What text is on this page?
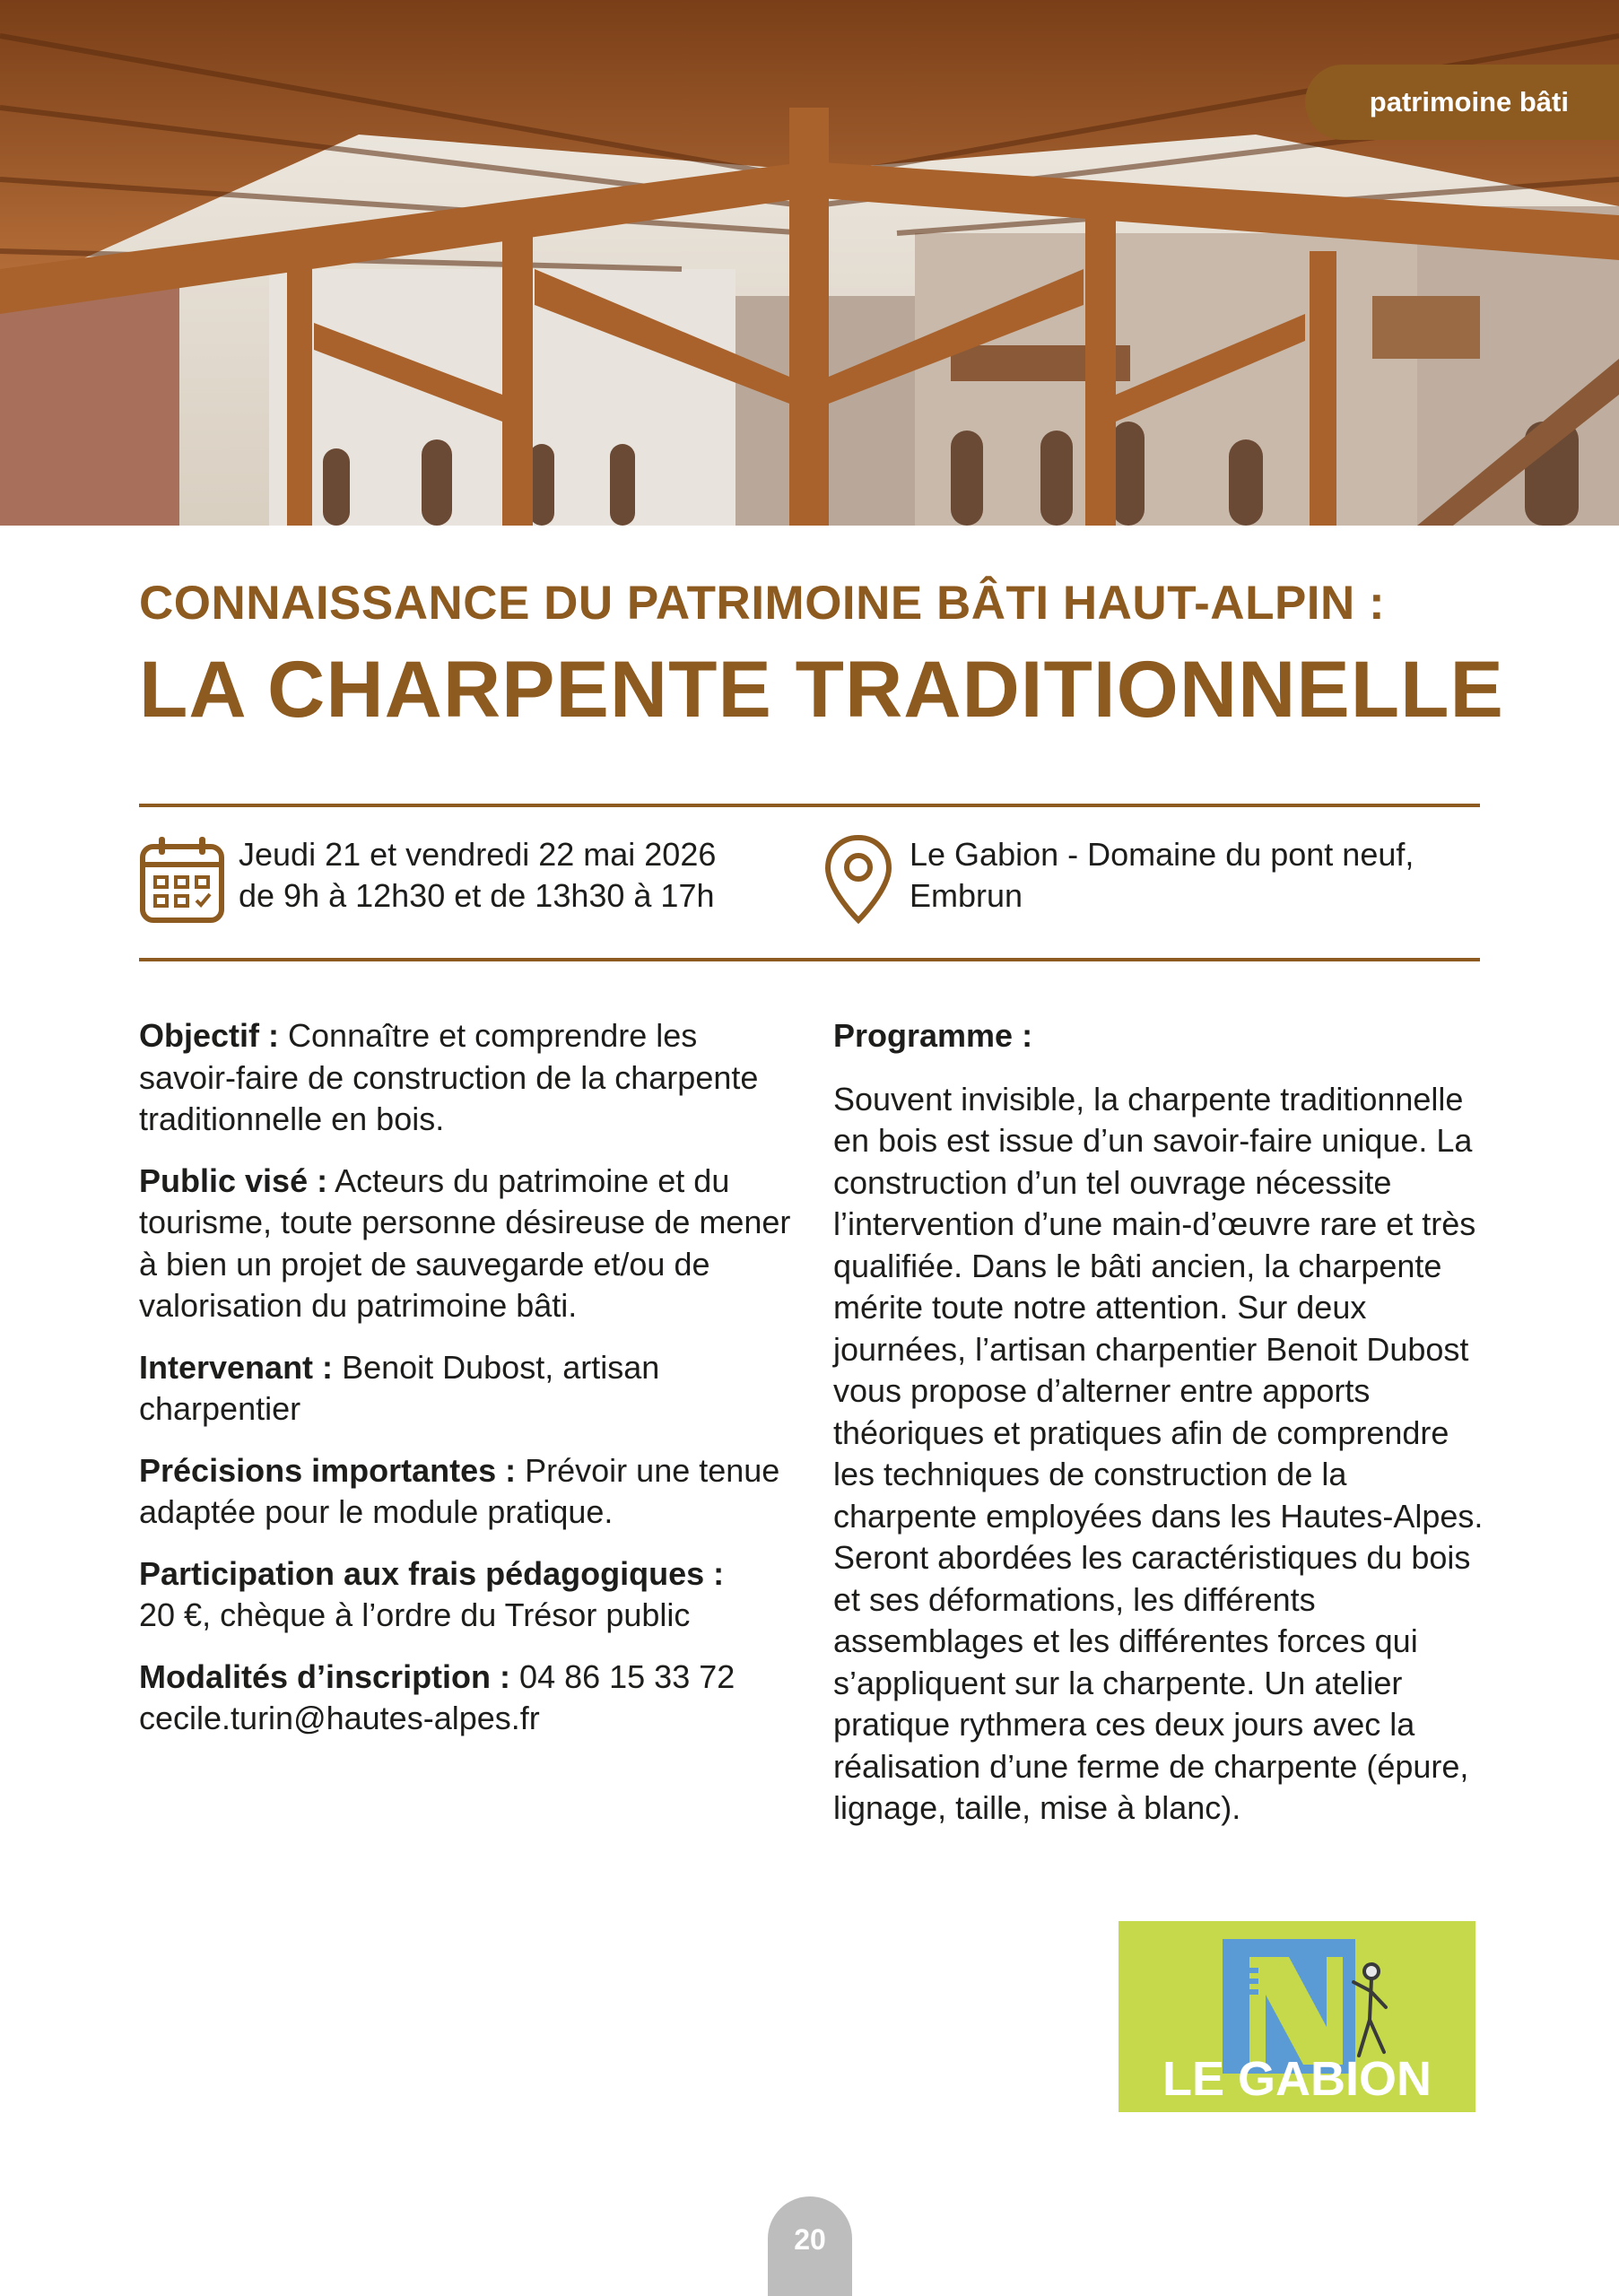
patrimoine bâti
CONNAISSANCE DU PATRIMOINE BÂTI HAUT-ALPIN :
LA CHARPENTE TRADITIONNELLE
Jeudi 21 et vendredi 22 mai 2026
de 9h à 12h30 et de 13h30 à 17h
Le Gabion - Domaine du pont neuf,
Embrun

Objectif : Connaître et comprendre les savoir-faire de construction de la charpente traditionnelle en bois.

Public visé : Acteurs du patrimoine et du tourisme, toute personne désireuse de mener à bien un projet de sauvegarde et/ou de valorisation du patrimoine bâti.

Intervenant : Benoit Dubost, artisan charpentier

Précisions importantes : Prévoir une tenue adaptée pour le module pratique.

Participation aux frais pédagogiques :
20 €, chèque à l’ordre du Trésor public

Modalités d’inscription : 04 86 15 33 72
cecile.turin@hautes-alpes.fr

Programme :

Souvent invisible, la charpente traditionnelle en bois est issue d’un savoir-faire unique. La construction d’un tel ouvrage nécessite l’intervention d’une main-d’œuvre rare et très qualifiée. Dans le bâti ancien, la charpente mérite toute notre attention. Sur deux journées, l’artisan charpentier Benoit Dubost vous propose d’alterner entre apports théoriques et pratiques afin de comprendre les techniques de construction de la charpente employées dans les Hautes-Alpes. Seront abordées les caractéristiques du bois et ses déformations, les différents assemblages et les différentes forces qui s’appliquent sur la charpente. Un atelier pratique rythmera ces deux jours avec la réalisation d’une ferme de charpente (épure, lignage, taille, mise à blanc).

LE GABION
20
